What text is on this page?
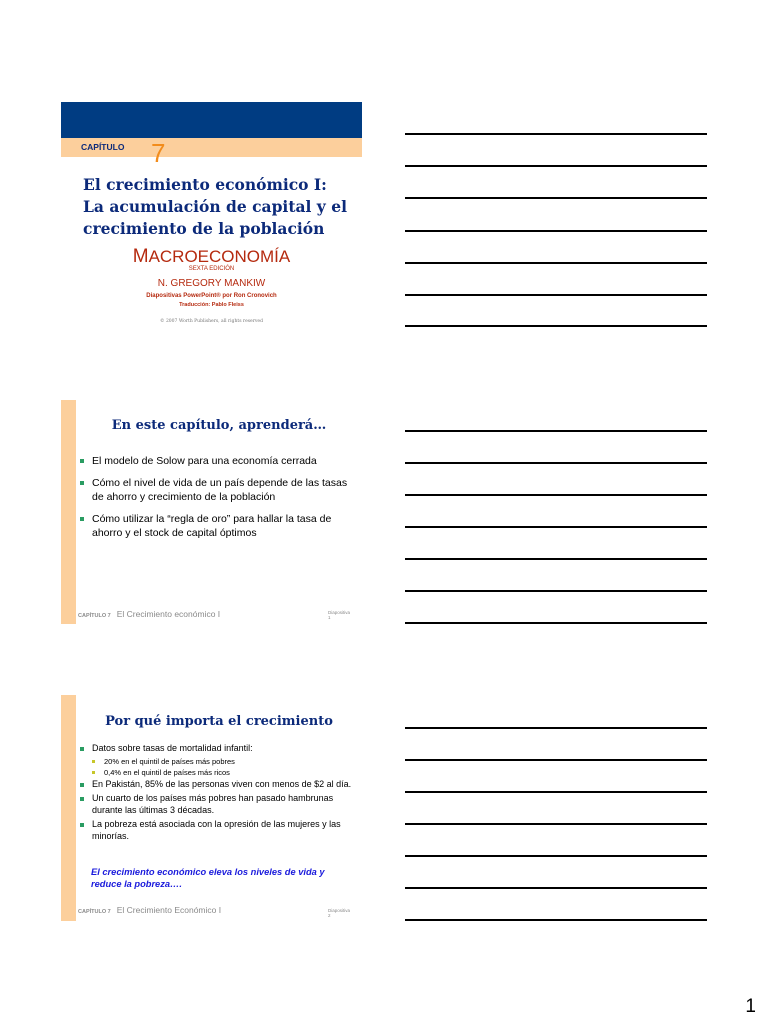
CAPÍTULO 7
El crecimiento económico I:
La acumulación de capital y el
crecimiento de la población
MACROECONOMÍA
SEXTA EDICIÓN
N. GREGORY MANKIW
Diapositivas PowerPoint® por Ron Cronovich
Traducción: Pablo Fleiss
© 2007 Worth Publishers, all rights reserved
En este capítulo, aprenderá…
El modelo de Solow para una economía cerrada
Cómo el nivel de vida de un país depende de las tasas de ahorro y crecimiento de la población
Cómo utilizar la “regla de oro” para hallar la tasa de ahorro y el stock de capital óptimos
CAPÍTULO 7 El Crecimiento económico I	Diapositiva
1
Por qué importa el crecimiento
Datos sobre tasas de mortalidad infantil:
20% en el quintil de países más pobres
0,4% en el quintil de países más ricos
En Pakistán, 85% de las personas viven con menos de $2 al día.
Un cuarto de los países más pobres han pasado hambrunas durante las últimas 3 décadas.
La pobreza está asociada con la opresión de las mujeres y las minorías.
El crecimiento económico eleva los niveles de vida y reduce la pobreza….
CAPÍTULO 7 El Crecimiento Económico I	Diapositiva
2
1
